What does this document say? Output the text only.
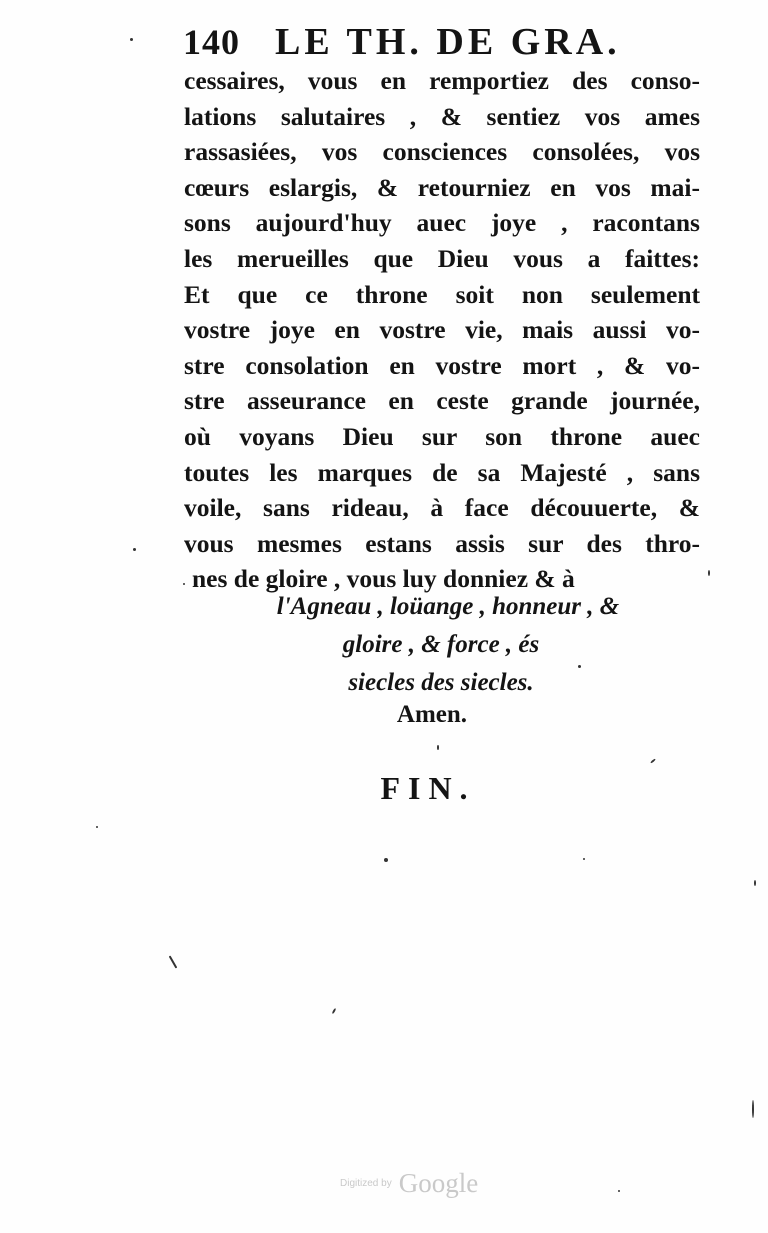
140 LE TH. DE GRA.
cessaires, vous en remportiez des conso-
lations salutaires , & sentiez vos ames
rassasiées, vos consciences consolées, vos
cœurs eslargis, & retourniez en vos mai-
sons aujourd'huy auec joye , racontans
les merueilles que Dieu vous a faittes:
Et que ce throne soit non seulement
vostre joye en vostre vie, mais aussi vo-
stre consolation en vostre mort , & vo-
stre asseurance en ceste grande journée,
où voyans Dieu sur son throne auec
toutes les marques de sa Majesté , sans
voile, sans rideau, à face découuerte, &
vous mesmes estans assis sur des thro-
nes de gloire , vous luy donniez & à
l'Agneau , loüange , honneur , &
gloire , & force , és
siecles des siecles.
Amen.
FIN.
Digitized by Google
